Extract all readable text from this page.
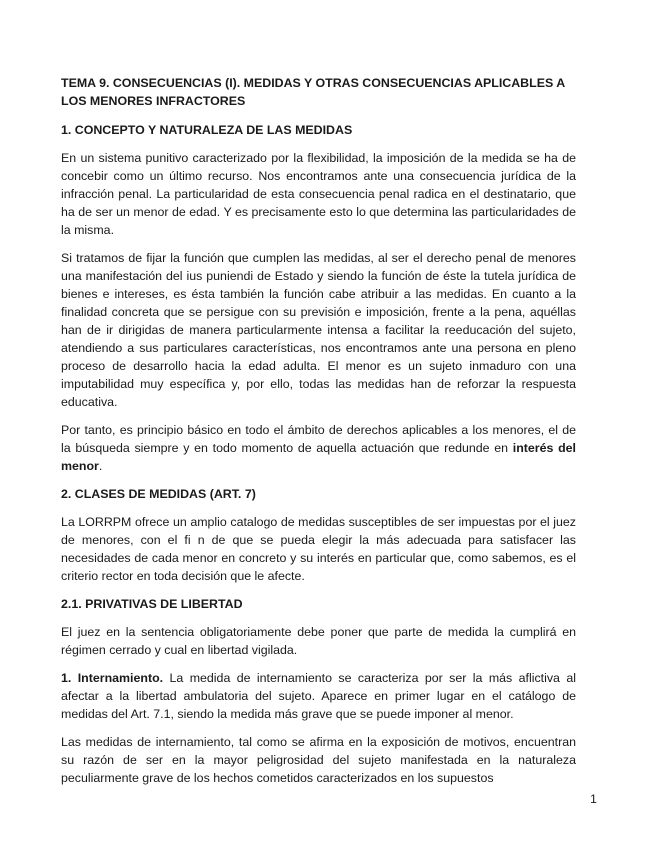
TEMA 9. CONSECUENCIAS (I). MEDIDAS Y OTRAS CONSECUENCIAS APLICABLES A LOS MENORES INFRACTORES
1. CONCEPTO Y NATURALEZA DE LAS MEDIDAS

En un sistema punitivo caracterizado por la flexibilidad, la imposición de la medida se ha de concebir como un último recurso. Nos encontramos ante una consecuencia jurídica de la infracción penal. La particularidad de esta consecuencia penal radica en el destinatario, que ha de ser un menor de edad. Y es precisamente esto lo que determina las particularidades de la misma.

Si tratamos de fijar la función que cumplen las medidas, al ser el derecho penal de menores una manifestación del ius puniendi de Estado y siendo la función de éste la tutela jurídica de bienes e intereses, es ésta también la función cabe atribuir a las medidas. En cuanto a la finalidad concreta que se persigue con su previsión e imposición, frente a la pena, aquéllas han de ir dirigidas de manera particularmente intensa a facilitar la reeducación del sujeto, atendiendo a sus particulares características, nos encontramos ante una persona en pleno proceso de desarrollo hacia la edad adulta. El menor es un sujeto inmaduro con una imputabilidad muy específica y, por ello, todas las medidas han de reforzar la respuesta educativa.

Por tanto, es principio básico en todo el ámbito de derechos aplicables a los menores, el de la búsqueda siempre y en todo momento de aquella actuación que redunde en interés del menor.

2. CLASES DE MEDIDAS (ART. 7)

La LORRPM ofrece un amplio catalogo de medidas susceptibles de ser impuestas por el juez de menores, con el fi n de que se pueda elegir la más adecuada para satisfacer las necesidades de cada menor en concreto y su interés en particular que, como sabemos, es el criterio rector en toda decisión que le afecte.

2.1. PRIVATIVAS DE LIBERTAD

El juez en la sentencia obligatoriamente debe poner que parte de medida la cumplirá en régimen cerrado y cual en libertad vigilada.

1. Internamiento. La medida de internamiento se caracteriza por ser la más aflictiva al afectar a la libertad ambulatoria del sujeto. Aparece en primer lugar en el catálogo de medidas del Art. 7.1, siendo la medida más grave que se puede imponer al menor.

Las medidas de internamiento, tal como se afirma en la exposición de motivos, encuentran su razón de ser en la mayor peligrosidad del sujeto manifestada en la naturaleza peculiarmente grave de los hechos cometidos caracterizados en los supuestos

1
